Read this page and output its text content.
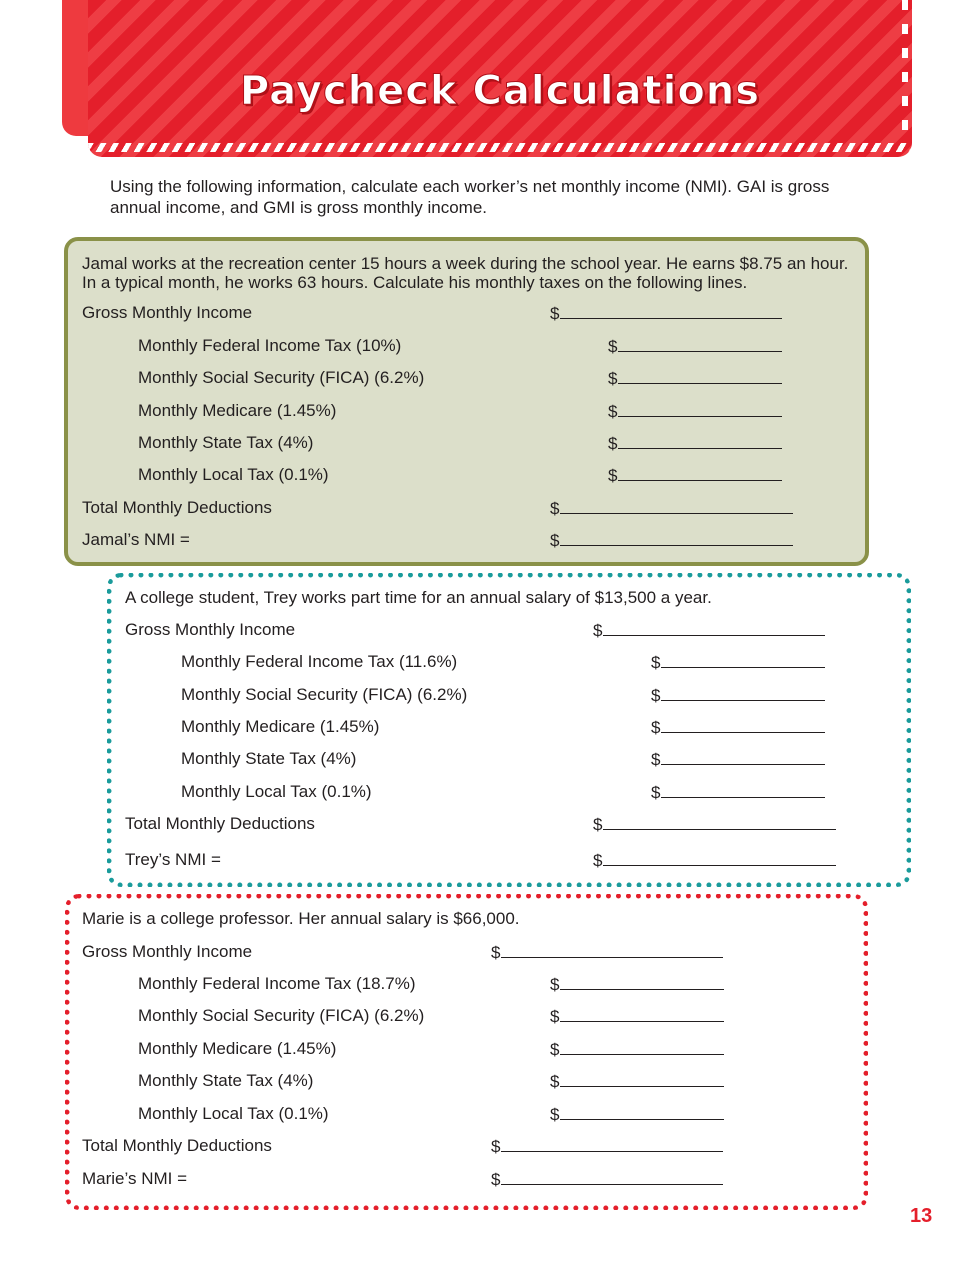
Paycheck Calculations
Using the following information, calculate each worker’s net monthly income (NMI). GAI is gross annual income, and GMI is gross monthly income.

Jamal works at the recreation center 15 hours a week during the school year. He earns $8.75 an hour. In a typical month, he works 63 hours. Calculate his monthly taxes on the following lines.

Gross Monthly Income	$
Monthly Federal Income Tax (10%)	$
Monthly Social Security (FICA) (6.2%)	$
Monthly Medicare (1.45%)	$
Monthly State Tax (4%)	$
Monthly Local Tax (0.1%)	$
Total Monthly Deductions	$
Jamal’s NMI =	$

A college student, Trey works part time for an annual salary of $13,500 a year.

Gross Monthly Income	$
Monthly Federal Income Tax (11.6%)	$
Monthly Social Security (FICA) (6.2%)	$
Monthly Medicare (1.45%)	$
Monthly State Tax (4%)	$
Monthly Local Tax (0.1%)	$
Total Monthly Deductions	$
Trey’s NMI =	$

Marie is a college professor. Her annual salary is $66,000.

Gross Monthly Income	$
Monthly Federal Income Tax (18.7%)	$
Monthly Social Security (FICA) (6.2%)	$
Monthly Medicare (1.45%)	$
Monthly State Tax (4%)	$
Monthly Local Tax (0.1%)	$
Total Monthly Deductions	$
Marie’s NMI =	$
13
